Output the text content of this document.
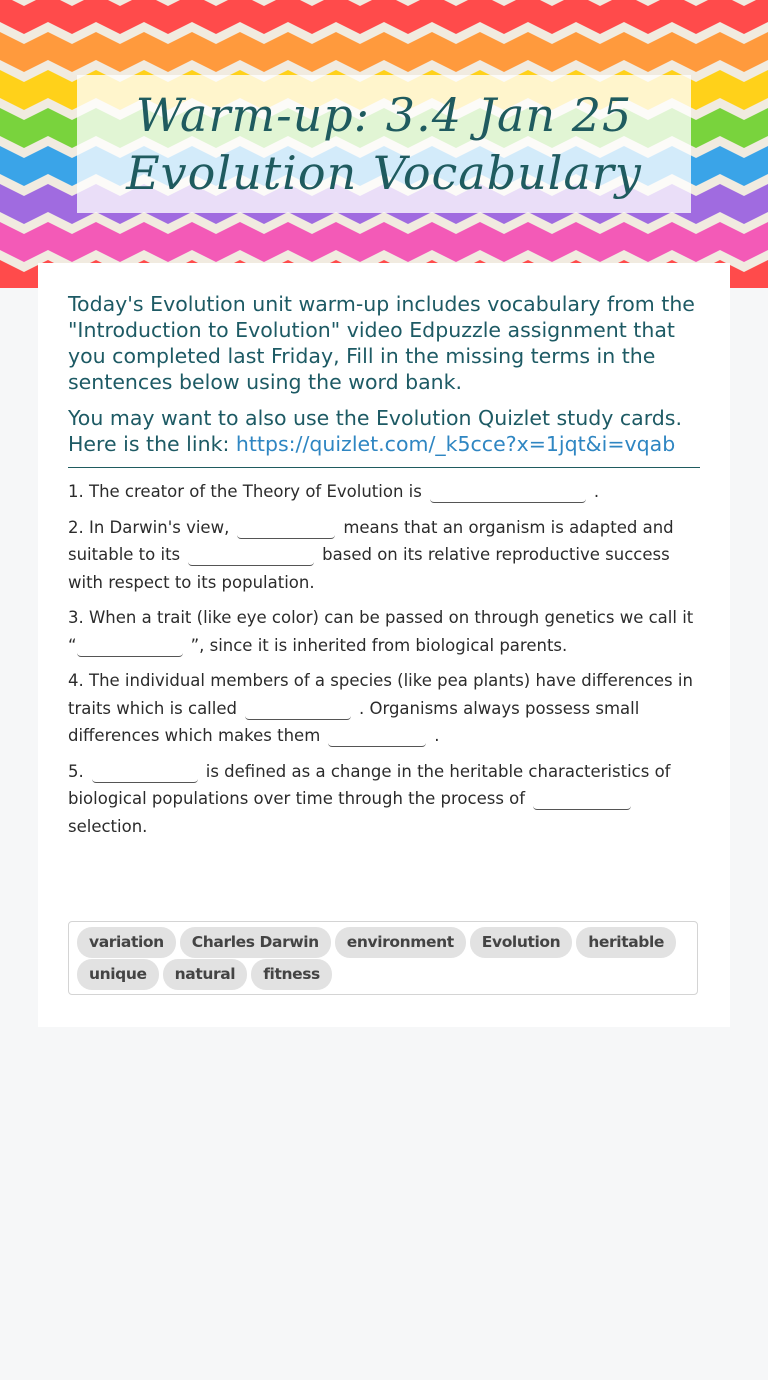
Warm-up: 3.4 Jan 25
Evolution Vocabulary

Today's Evolution unit warm-up includes vocabulary from the "Introduction to Evolution" video Edpuzzle assignment that you completed last Friday, Fill in the missing terms in the sentences below using the word bank.

You may want to also use the Evolution Quizlet study cards. Here is the link: https://quizlet.com/_k5cce?x=1jqt&i=vqab

1. The creator of the Theory of Evolution is	.

2. In Darwin's view,	means that an organism is adapted and suitable to its	based on its relative reproductive success with respect to its population.

3. When a trait (like eye color) can be passed on through genetics we call it “	”, since it is inherited from biological parents.

4. The individual members of a species (like pea plants) have differences in traits which is called	. Organisms always possess small differences which makes them	.

5.	is defined as a change in the heritable characteristics of biological populations over time through the process ofselection.

variation Charles Darwin environment Evolution heritable
unique natural fitness
